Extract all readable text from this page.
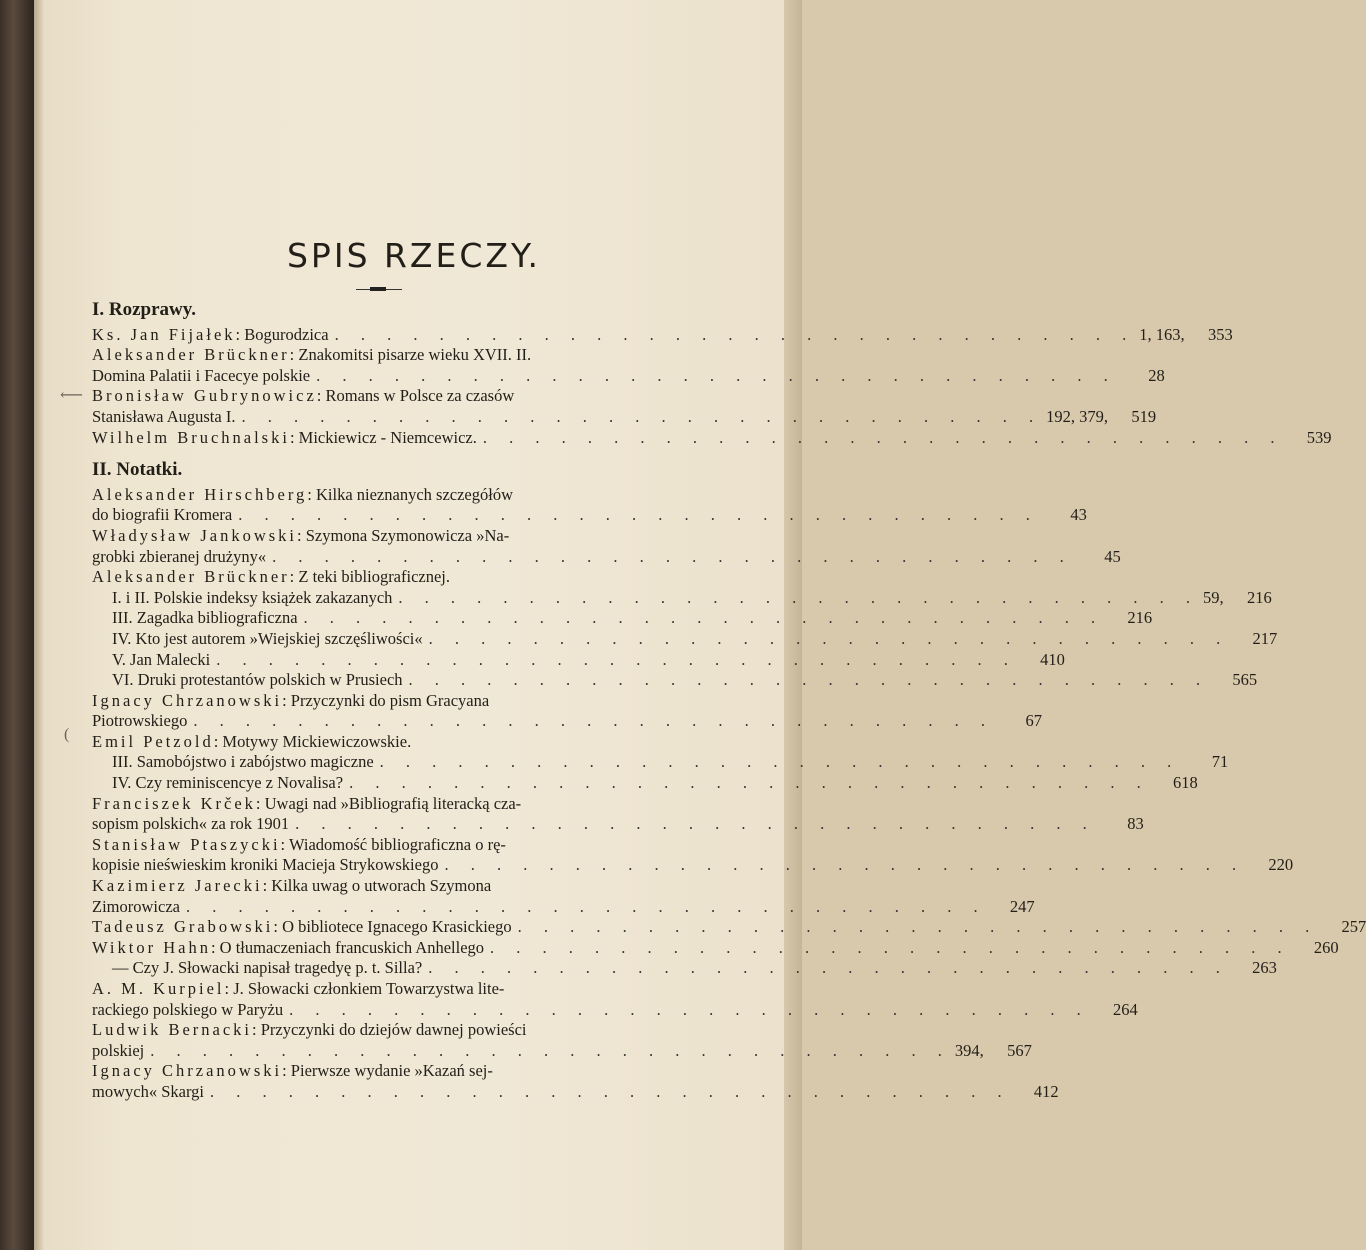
⟵
(
SPIS RZECZY.
I. Rozprawy.
Ks. Jan Fijałek: Bogurodzica . . . . . . . . . . . . . . . . . . . . . . . . . . . . . . . 1, 163, 353
Aleksander Brückner: Znakomitsi pisarze wieku XVII. II.
Domina Palatii i Facecye polskie . . . . . . . . . . . . . . . . . . . . . . . . . . . . . . .	28
Bronisław Gubrynowicz: Romans w Polsce za czasów
Stanisława Augusta I. . . . . . . . . . . . . . . . . . . . . . . . . . . . . . . . 192, 379, 519
Wilhelm Bruchnalski: Mickiewicz - Niemcewicz. . . . . . . . . . . . . . . . . . . . . . . . . . . . . . . .	539
II. Notatki.
Aleksander Hirschberg: Kilka nieznanych szczegółów
do biografii Kromera . . . . . . . . . . . . . . . . . . . . . . . . . . . . . . .	43
Władysław Jankowski: Szymona Szymonowicza »Na-
grobki zbieranej drużyny« . . . . . . . . . . . . . . . . . . . . . . . . . . . . . . .	45
Aleksander Brückner: Z teki bibliograficznej.
I. i II. Polskie indeksy książek zakazanych . . . . . . . . . . . . . . . . . . . . . . . . . . . . . . . 59, 216
III. Zagadka bibliograficzna . . . . . . . . . . . . . . . . . . . . . . . . . . . . . . .	216
IV. Kto jest autorem »Wiejskiej szczęśliwości« . . . . . . . . . . . . . . . . . . . . . . . . . . . . . . .	217
V. Jan Malecki . . . . . . . . . . . . . . . . . . . . . . . . . . . . . . .	410
VI. Druki protestantów polskich w Prusiech . . . . . . . . . . . . . . . . . . . . . . . . . . . . . . .	565
Ignacy Chrzanowski: Przyczynki do pism Gracyana
Piotrowskiego . . . . . . . . . . . . . . . . . . . . . . . . . . . . . . .	67
Emil Petzold: Motywy Mickiewiczowskie.
III. Samobójstwo i zabójstwo magiczne . . . . . . . . . . . . . . . . . . . . . . . . . . . . . . .	71
IV. Czy reminiscencye z Novalisa? . . . . . . . . . . . . . . . . . . . . . . . . . . . . . . .	618
Franciszek Krček: Uwagi nad »Bibliografią literacką cza-
sopism polskich« za rok 1901 . . . . . . . . . . . . . . . . . . . . . . . . . . . . . . .	83
Stanisław Ptaszycki: Wiadomość bibliograficzna o rę-
kopisie nieświeskim kroniki Macieja Strykowskiego . . . . . . . . . . . . . . . . . . . . . . . . . . . . . . .	220
Kazimierz Jarecki: Kilka uwag o utworach Szymona
Zimorowicza . . . . . . . . . . . . . . . . . . . . . . . . . . . . . . .	247
Tadeusz Grabowski: O bibliotece Ignacego Krasickiego . . . . . . . . . . . . . . . . . . . . . . . . . . . . . . .	257
Wiktor Hahn: O tłumaczeniach francuskich Anhellego . . . . . . . . . . . . . . . . . . . . . . . . . . . . . . .	260
— Czy J. Słowacki napisał tragedyę p. t. Silla? . . . . . . . . . . . . . . . . . . . . . . . . . . . . . . .	263
A. M. Kurpiel: J. Słowacki członkiem Towarzystwa lite-
rackiego polskiego w Paryżu . . . . . . . . . . . . . . . . . . . . . . . . . . . . . . .	264
Ludwik Bernacki: Przyczynki do dziejów dawnej powieści
polskiej . . . . . . . . . . . . . . . . . . . . . . . . . . . . . . . 394, 567
Ignacy Chrzanowski: Pierwsze wydanie »Kazań sej-
mowych« Skargi . . . . . . . . . . . . . . . . . . . . . . . . . . . . . . .	412
